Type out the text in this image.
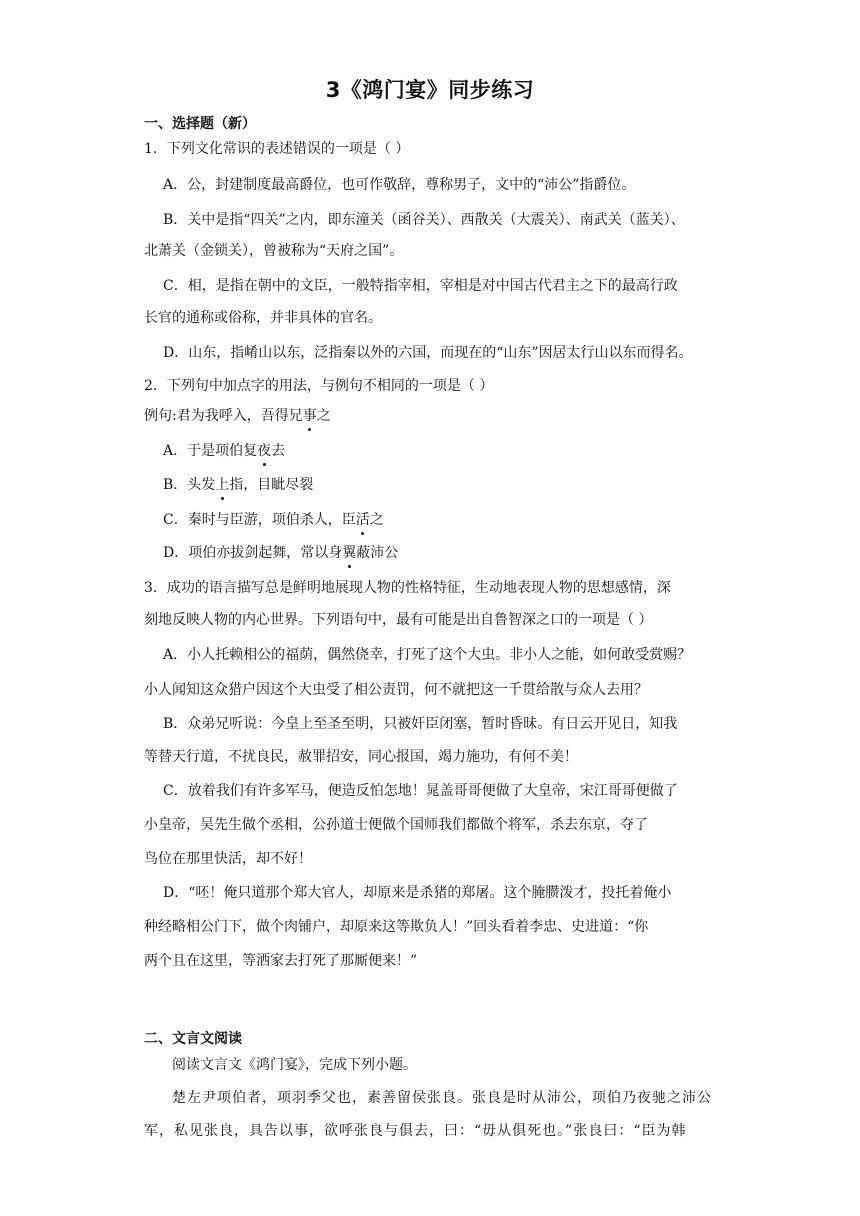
3《鸿门宴》同步练习
一、选择题（新）
1．下列文化常识的表述错误的一项是（ ）
A．公，封建制度最高爵位，也可作敬辞，尊称男子，文中的“沛公”指爵位。
B．关中是指“四关”之内，即东潼关（函谷关）、西散关（大震关）、南武关（蓝关）、
北萧关（金锁关），曾被称为“天府之国”。
C．相，是指在朝中的文臣，一般特指宰相，宰相是对中国古代君主之下的最高行政
长官的通称或俗称，并非具体的官名。
D．山东，指崤山以东，泛指秦以外的六国，而现在的“山东”因居太行山以东而得名。
2．下列句中加点字的用法，与例句不相同的一项是（ ）
例句:君为我呼入，吾得兄事之
A．于是项伯复夜去
B．头发上指，目眦尽裂
C．秦时与臣游，项伯杀人，臣活之
D．项伯亦拔剑起舞，常以身翼蔽沛公
3．成功的语言描写总是鲜明地展现人物的性格特征，生动地表现人物的思想感情，深
刻地反映人物的内心世界。下列语句中，最有可能是出自鲁智深之口的一项是（ ）
A．小人托赖相公的福荫，偶然侥幸，打死了这个大虫。非小人之能，如何敢受赏赐？
小人闻知这众猎户因这个大虫受了相公责罚，何不就把这一千贯给散与众人去用？
B．众弟兄听说：今皇上至圣至明，只被奸臣闭塞，暂时昏昧。有日云开见日，知我
等替天行道，不扰良民，赦罪招安，同心报国，竭力施功，有何不美！
C．放着我们有许多军马，便造反怕怎地！晁盖哥哥便做了大皇帝，宋江哥哥便做了
小皇帝，吴先生做个丞相，公孙道士便做个国师我们都做个将军，杀去东京，夺了
鸟位在那里快活，却不好！
D．“呸！俺只道那个郑大官人，却原来是杀猪的郑屠。这个腌臜泼才，投托着俺小
种经略相公门下，做个肉铺户，却原来这等欺负人！”回头看着李忠、史进道：“你
两个且在这里，等洒家去打死了那厮便来！”
二、文言文阅读
阅读文言文《鸿门宴》，完成下列小题。
楚左尹项伯者，项羽季父也，素善留侯张良。张良是时从沛公，项伯乃夜驰之沛公
军，私见张良，具告以事，欲呼张良与俱去，曰：“毋从俱死也。”张良曰：“臣为韩
